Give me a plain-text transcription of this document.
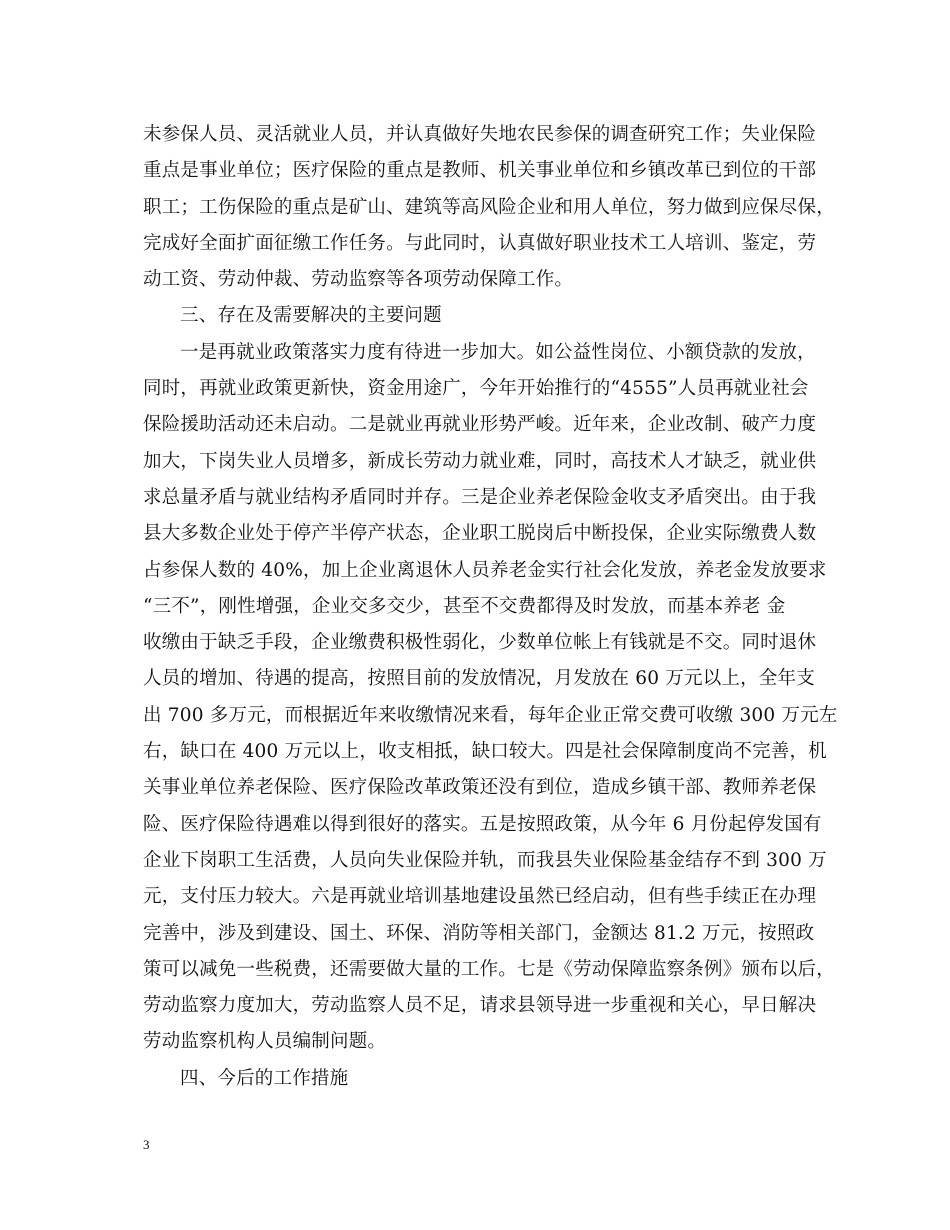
未参保人员、灵活就业人员，并认真做好失地农民参保的调查研究工作；失业保险
重点是事业单位；医疗保险的重点是教师、机关事业单位和乡镇改革已到位的干部
职工；工伤保险的重点是矿山、建筑等高风险企业和用人单位，努力做到应保尽保，
完成好全面扩面征缴工作任务。与此同时，认真做好职业技术工人培训、鉴定，劳
动工资、劳动仲裁、劳动监察等各项劳动保障工作。
三、存在及需要解决的主要问题
一是再就业政策落实力度有待进一步加大。如公益性岗位、小额贷款的发放，
同时，再就业政策更新快，资金用途广，今年开始推行的“4555”人员再就业社会
保险援助活动还未启动。二是就业再就业形势严峻。近年来，企业改制、破产力度
加大，下岗失业人员增多，新成长劳动力就业难，同时，高技术人才缺乏，就业供
求总量矛盾与就业结构矛盾同时并存。三是企业养老保险金收支矛盾突出。由于我
县大多数企业处于停产半停产状态，企业职工脱岗后中断投保，企业实际缴费人数
占参保人数的 40%，加上企业离退休人员养老金实行社会化发放，养老金发放要求
“三不”，刚性增强，企业交多交少，甚至不交费都得及时发放，而基本养老 金
收缴由于缺乏手段，企业缴费积极性弱化，少数单位帐上有钱就是不交。同时退休
人员的增加、待遇的提高，按照目前的发放情况，月发放在 60 万元以上，全年支
出 700 多万元，而根据近年来收缴情况来看，每年企业正常交费可收缴 300 万元左
右，缺口在 400 万元以上，收支相抵，缺口较大。四是社会保障制度尚不完善，机
关事业单位养老保险、医疗保险改革政策还没有到位，造成乡镇干部、教师养老保
险、医疗保险待遇难以得到很好的落实。五是按照政策，从今年 6 月份起停发国有
企业下岗职工生活费，人员向失业保险并轨，而我县失业保险基金结存不到 300 万
元，支付压力较大。六是再就业培训基地建设虽然已经启动，但有些手续正在办理
完善中，涉及到建设、国土、环保、消防等相关部门，金额达 81.2 万元，按照政
策可以减免一些税费，还需要做大量的工作。七是《劳动保障监察条例》颁布以后，
劳动监察力度加大，劳动监察人员不足，请求县领导进一步重视和关心，早日解决
劳动监察机构人员编制问题。
四、今后的工作措施
3
